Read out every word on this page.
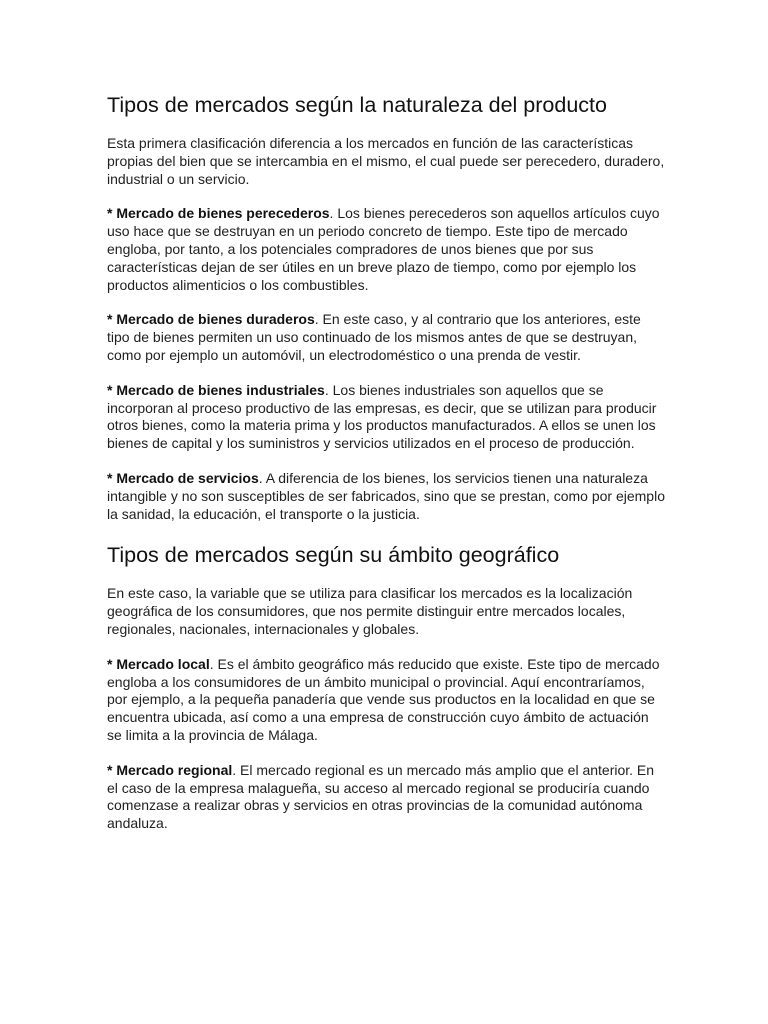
Tipos de mercados según la naturaleza del producto

Esta primera clasificación diferencia a los mercados en función de las características propias del bien que se intercambia en el mismo, el cual puede ser perecedero, duradero, industrial o un servicio.

* Mercado de bienes perecederos. Los bienes perecederos son aquellos artículos cuyo uso hace que se destruyan en un periodo concreto de tiempo. Este tipo de mercado engloba, por tanto, a los potenciales compradores de unos bienes que por sus características dejan de ser útiles en un breve plazo de tiempo, como por ejemplo los productos alimenticios o los combustibles.

* Mercado de bienes duraderos. En este caso, y al contrario que los anteriores, este tipo de bienes permiten un uso continuado de los mismos antes de que se destruyan, como por ejemplo un automóvil, un electrodoméstico o una prenda de vestir.

* Mercado de bienes industriales. Los bienes industriales son aquellos que se incorporan al proceso productivo de las empresas, es decir, que se utilizan para producir otros bienes, como la materia prima y los productos manufacturados. A ellos se unen los bienes de capital y los suministros y servicios utilizados en el proceso de producción.

* Mercado de servicios. A diferencia de los bienes, los servicios tienen una naturaleza intangible y no son susceptibles de ser fabricados, sino que se prestan, como por ejemplo la sanidad, la educación, el transporte o la justicia.

Tipos de mercados según su ámbito geográfico

En este caso, la variable que se utiliza para clasificar los mercados es la localización geográfica de los consumidores, que nos permite distinguir entre mercados locales, regionales, nacionales, internacionales y globales.

* Mercado local. Es el ámbito geográfico más reducido que existe. Este tipo de mercado engloba a los consumidores de un ámbito municipal o provincial. Aquí encontraríamos, por ejemplo, a la pequeña panadería que vende sus productos en la localidad en que se encuentra ubicada, así como a una empresa de construcción cuyo ámbito de actuación se limita a la provincia de Málaga.

* Mercado regional. El mercado regional es un mercado más amplio que el anterior. En el caso de la empresa malagueña, su acceso al mercado regional se produciría cuando comenzase a realizar obras y servicios en otras provincias de la comunidad autónoma andaluza.
